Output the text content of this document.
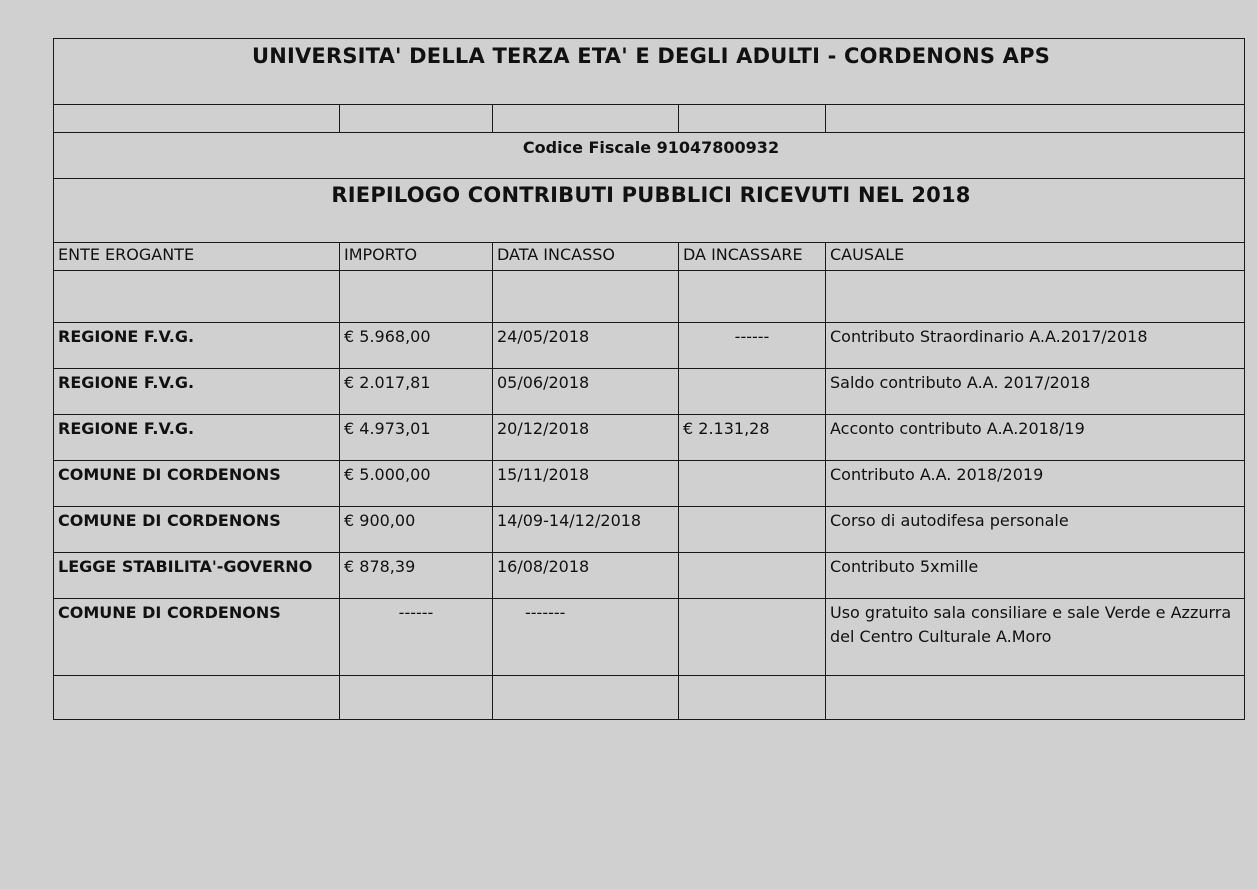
UNIVERSITA' DELLA TERZA ETA' E DEGLI ADULTI - CORDENONS APS				

Codice Fiscale 91047800932				
RIEPILOGO CONTRIBUTI PUBBLICI RICEVUTI NEL 2018				
ENTE EROGANTE	IMPORTO	DATA INCASSO	DA INCASSARE	CAUSALE

REGIONE F.V.G.	€ 5.968,00	24/05/2018	------	Contributo Straordinario A.A.2017/2018
REGIONE F.V.G.	€ 2.017,81	05/06/2018		Saldo contributo A.A. 2017/2018
REGIONE F.V.G.	€ 4.973,01	20/12/2018	€ 2.131,28	Acconto contributo A.A.2018/19
COMUNE DI CORDENONS	€ 5.000,00	15/11/2018		Contributo A.A. 2018/2019
COMUNE DI CORDENONS	€ 900,00	14/09-14/12/2018		Corso di autodifesa personale
LEGGE STABILITA'-GOVERNO	€ 878,39	16/08/2018		Contributo 5xmille
COMUNE DI CORDENONS	------	-------		Uso gratuito sala consiliare e sale Verde e Azzurra del Centro Culturale A.Moro
